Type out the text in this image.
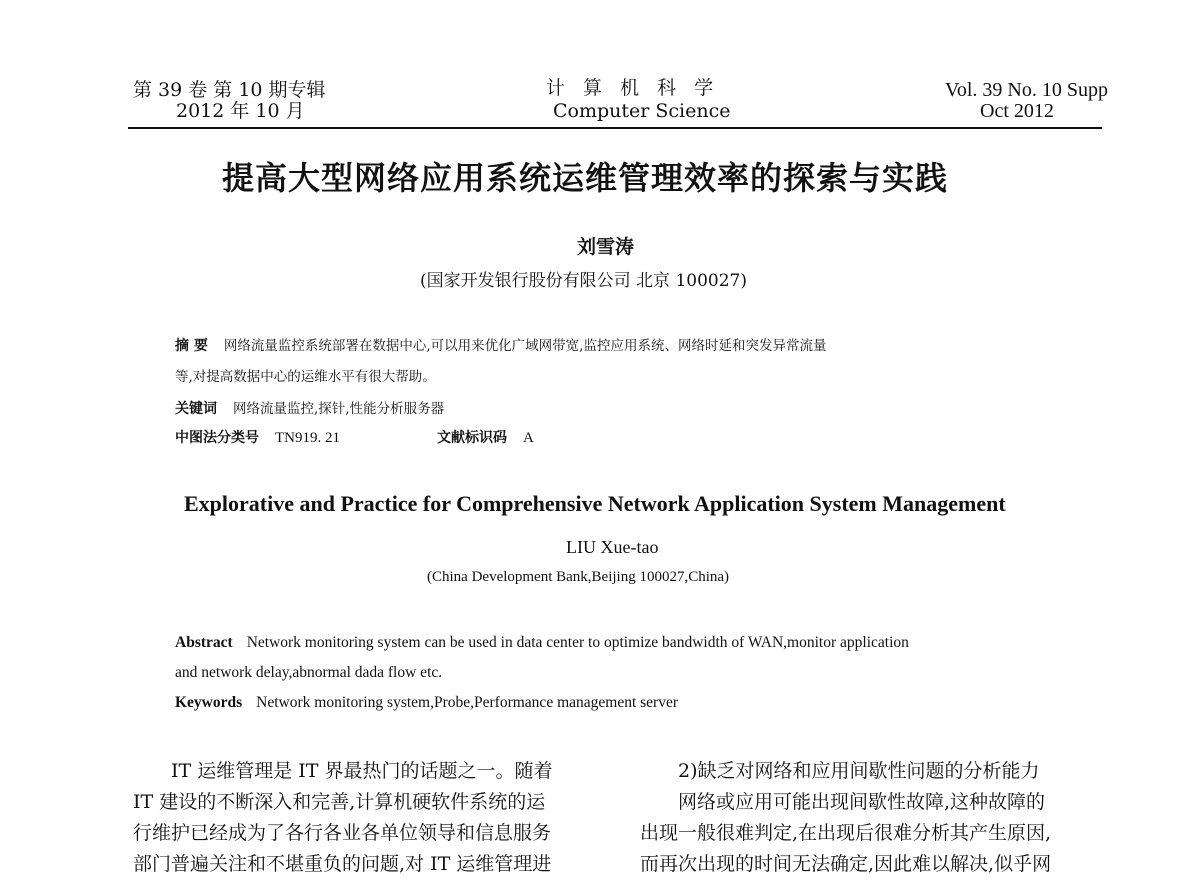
第 39 卷 第 10 期专辑
2012 年 10 月
计 算 机 科 学
Computer Science
Vol. 39 No. 10 Supp
Oct 2012
提高大型网络应用系统运维管理效率的探索与实践
刘雪涛
(国家开发银行股份有限公司 北京 100027)
摘 要 网络流量监控系统部署在数据中心,可以用来优化广域网带宽,监控应用系统、网络时延和突发异常流量
等,对提高数据中心的运维水平有很大帮助。
关键词 网络流量监控,探针,性能分析服务器
中图法分类号 TN919. 21	文献标识码 A
Explorative and Practice for Comprehensive Network Application System Management
LIU Xue-tao
(China Development Bank,Beijing 100027,China)
Abstract Network monitoring system can be used in data center to optimize bandwidth of WAN,monitor application
and network delay,abnormal dada flow etc.
Keywords Network monitoring system,Probe,Performance management server
IT 运维管理是 IT 界最热门的话题之一。随着
IT 建设的不断深入和完善,计算机硬软件系统的运
行维护已经成为了各行各业各单位领导和信息服务
部门普遍关注和不堪重负的问题,对 IT 运维管理进
2)缺乏对网络和应用间歇性问题的分析能力
网络或应用可能出现间歇性故障,这种故障的
出现一般很难判定,在出现后很难分析其产生原因,
而再次出现的时间无法确定,因此难以解决,似乎网
